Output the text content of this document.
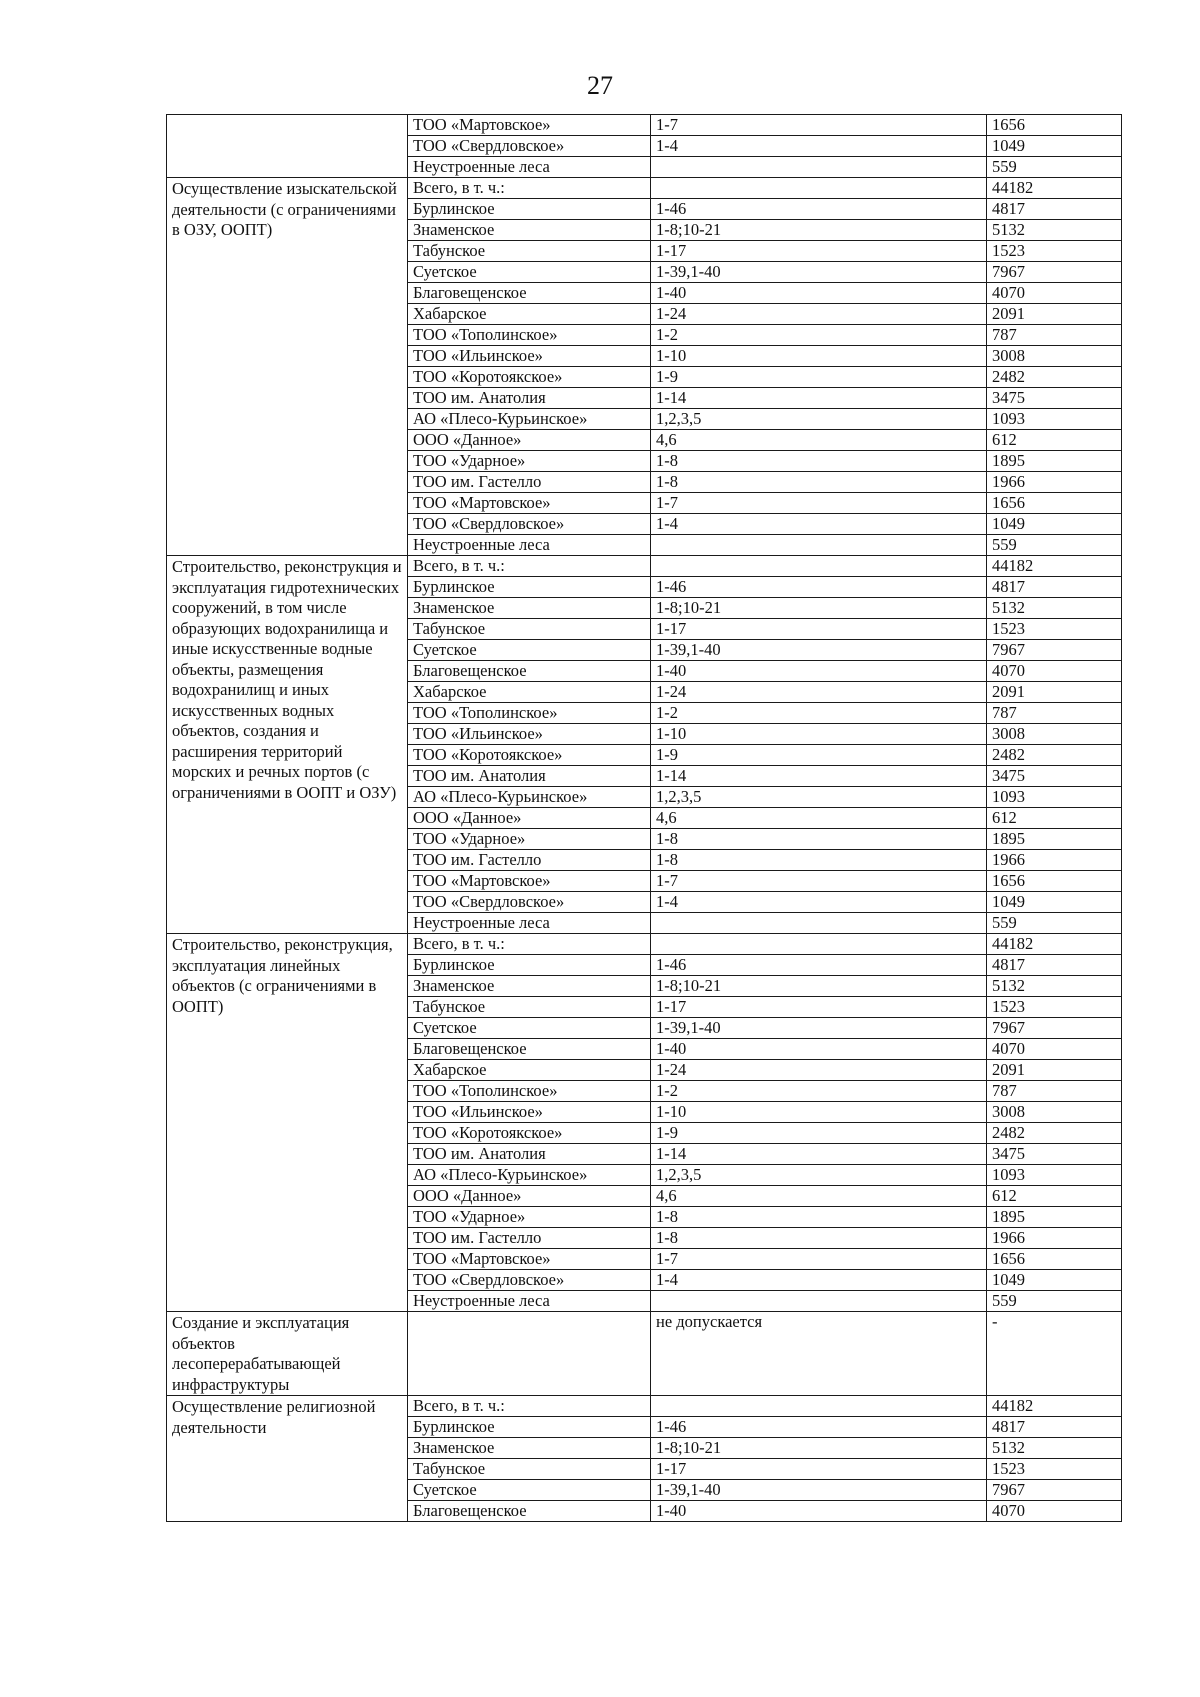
27
	ТОО «Мартовское»	1-7	1656
	ТОО «Свердловское»	1-4	1049
	Неустроенные леса		559
Осуществление изыскательской деятельности (с ограничениями в ОЗУ, ООПТ)	Всего, в т. ч.:		44182
	Бурлинское	1-46	4817
	Знаменское	1-8;10-21	5132
	Табунское	1-17	1523
	Суетское	1-39,1-40	7967
	Благовещенское	1-40	4070
	Хабарское	1-24	2091
	ТОО «Тополинское»	1-2	787
	ТОО «Ильинское»	1-10	3008
	ТОО «Коротоякское»	1-9	2482
	ТОО им. Анатолия	1-14	3475
	АО «Плесо-Курьинское»	1,2,3,5	1093
	ООО «Данное»	4,6	612
	ТОО «Ударное»	1-8	1895
	ТОО им. Гастелло	1-8	1966
	ТОО «Мартовское»	1-7	1656
	ТОО «Свердловское»	1-4	1049
	Неустроенные леса		559
Строительство, реконструкция и эксплуатация гидротехнических сооружений, в том числе образующих водохранилища и иные искусственные водные объекты, размещения водохранилищ и иных искусственных водных объектов, создания и расширения территорий морских и речных портов (с ограничениями в ООПТ и ОЗУ)	Всего, в т. ч.:		44182
	Бурлинское	1-46	4817
	Знаменское	1-8;10-21	5132
	Табунское	1-17	1523
	Суетское	1-39,1-40	7967
	Благовещенское	1-40	4070
	Хабарское	1-24	2091
	ТОО «Тополинское»	1-2	787
	ТОО «Ильинское»	1-10	3008
	ТОО «Коротоякское»	1-9	2482
	ТОО им. Анатолия	1-14	3475
	АО «Плесо-Курьинское»	1,2,3,5	1093
	ООО «Данное»	4,6	612
	ТОО «Ударное»	1-8	1895
	ТОО им. Гастелло	1-8	1966
	ТОО «Мартовское»	1-7	1656
	ТОО «Свердловское»	1-4	1049
	Неустроенные леса		559
Строительство, реконструкция, эксплуатация линейных объектов (с ограничениями в ООПТ)	Всего, в т. ч.:		44182
	Бурлинское	1-46	4817
	Знаменское	1-8;10-21	5132
	Табунское	1-17	1523
	Суетское	1-39,1-40	7967
	Благовещенское	1-40	4070
	Хабарское	1-24	2091
	ТОО «Тополинское»	1-2	787
	ТОО «Ильинское»	1-10	3008
	ТОО «Коротоякское»	1-9	2482
	ТОО им. Анатолия	1-14	3475
	АО «Плесо-Курьинское»	1,2,3,5	1093
	ООО «Данное»	4,6	612
	ТОО «Ударное»	1-8	1895
	ТОО им. Гастелло	1-8	1966
	ТОО «Мартовское»	1-7	1656
	ТОО «Свердловское»	1-4	1049
	Неустроенные леса		559
Создание и эксплуатация объектов лесоперерабатывающей инфраструктуры		не допускается	-
Осуществление религиозной деятельности	Всего, в т. ч.:		44182
	Бурлинское	1-46	4817
	Знаменское	1-8;10-21	5132
	Табунское	1-17	1523
	Суетское	1-39,1-40	7967
	Благовещенское	1-40	4070
